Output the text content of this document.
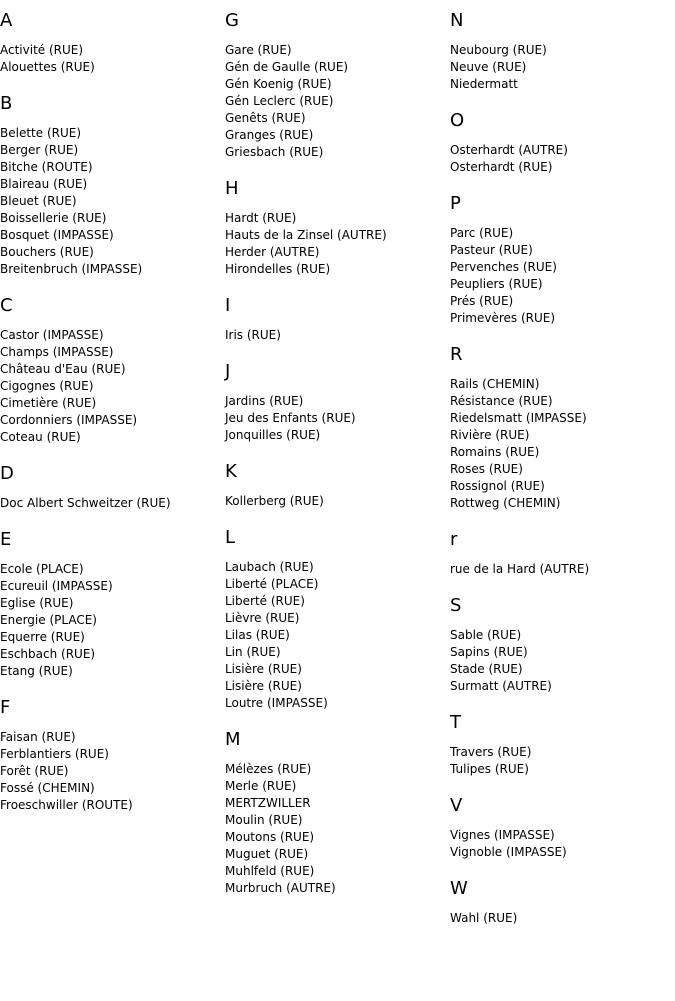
A
Activité (RUE)
Alouettes (RUE)
B
Belette (RUE)
Berger (RUE)
Bitche (ROUTE)
Blaireau (RUE)
Bleuet (RUE)
Boissellerie (RUE)
Bosquet (IMPASSE)
Bouchers (RUE)
Breitenbruch (IMPASSE)
C
Castor (IMPASSE)
Champs (IMPASSE)
Château d'Eau (RUE)
Cigognes (RUE)
Cimetière (RUE)
Cordonniers (IMPASSE)
Coteau (RUE)
D
Doc Albert Schweitzer (RUE)
E
Ecole (PLACE)
Ecureuil (IMPASSE)
Eglise (RUE)
Energie (PLACE)
Equerre (RUE)
Eschbach (RUE)
Etang (RUE)
F
Faisan (RUE)
Ferblantiers (RUE)
Forêt (RUE)
Fossé (CHEMIN)
Froeschwiller (ROUTE)
G
Gare (RUE)
Gén de Gaulle (RUE)
Gén Koenig (RUE)
Gén Leclerc (RUE)
Genêts (RUE)
Granges (RUE)
Griesbach (RUE)
H
Hardt (RUE)
Hauts de la Zinsel (AUTRE)
Herder (AUTRE)
Hirondelles (RUE)
I
Iris (RUE)
J
Jardins (RUE)
Jeu des Enfants (RUE)
Jonquilles (RUE)
K
Kollerberg (RUE)
L
Laubach (RUE)
Liberté (PLACE)
Liberté (RUE)
Lièvre (RUE)
Lilas (RUE)
Lin (RUE)
Lisière (RUE)
Lisière (RUE)
Loutre (IMPASSE)
M
Mélèzes (RUE)
Merle (RUE)
MERTZWILLER
Moulin (RUE)
Moutons (RUE)
Muguet (RUE)
Muhlfeld (RUE)
Murbruch (AUTRE)
N
Neubourg (RUE)
Neuve (RUE)
Niedermatt
O
Osterhardt (AUTRE)
Osterhardt (RUE)
P
Parc (RUE)
Pasteur (RUE)
Pervenches (RUE)
Peupliers (RUE)
Prés (RUE)
Primevères (RUE)
R
Rails (CHEMIN)
Résistance (RUE)
Riedelsmatt (IMPASSE)
Rivière (RUE)
Romains (RUE)
Roses (RUE)
Rossignol (RUE)
Rottweg (CHEMIN)
r
rue de la Hard (AUTRE)
S
Sable (RUE)
Sapins (RUE)
Stade (RUE)
Surmatt (AUTRE)
T
Travers (RUE)
Tulipes (RUE)
V
Vignes (IMPASSE)
Vignoble (IMPASSE)
W
Wahl (RUE)
